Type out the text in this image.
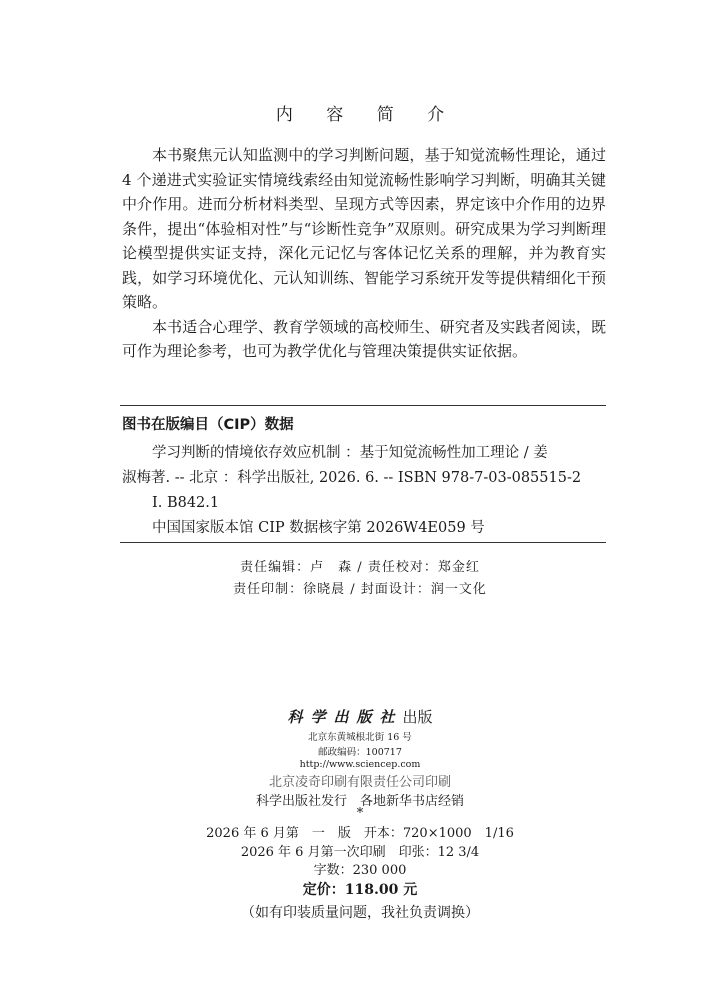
内 容 简 介

本书聚焦元认知监测中的学习判断问题，基于知觉流畅性理论，通过 4 个递进式实验证实情境线索经由知觉流畅性影响学习判断，明确其关键中介作用。进而分析材料类型、呈现方式等因素，界定该中介作用的边界条件，提出“体验相对性”与“诊断性竞争”双原则。研究成果为学习判断理论模型提供实证支持，深化元记忆与客体记忆关系的理解，并为教育实践，如学习环境优化、元认知训练、智能学习系统开发等提供精细化干预策略。

本书适合心理学、教育学领域的高校师生、研究者及实践者阅读，既可作为理论参考，也可为教学优化与管理决策提供实证依据。

图书在版编目（CIP）数据
学习判断的情境依存效应机制 ：基于知觉流畅性加工理论 / 姜
淑梅著. -- 北京 ：科学出版社, 2026. 6. -- ISBN 978-7-03-085515-2
Ⅰ. B842.1
中国国家版本馆 CIP 数据核字第 2026W4E059 号
责任编辑：卢　森 / 责任校对：郑金红
责任印制：徐晓晨 / 封面设计：润一文化
科学出版社出版
北京东黄城根北街 16 号
邮政编码：100717
http://www.sciencep.com
北京凌奇印刷有限责任公司印刷
科学出版社发行　各地新华书店经销
*
2026 年 6 月第　一　版　开本：720×1000　1/16
2026 年 6 月第一次印刷　印张：12 3/4
字数：230 000
定价：118.00 元
（如有印装质量问题，我社负责调换）
